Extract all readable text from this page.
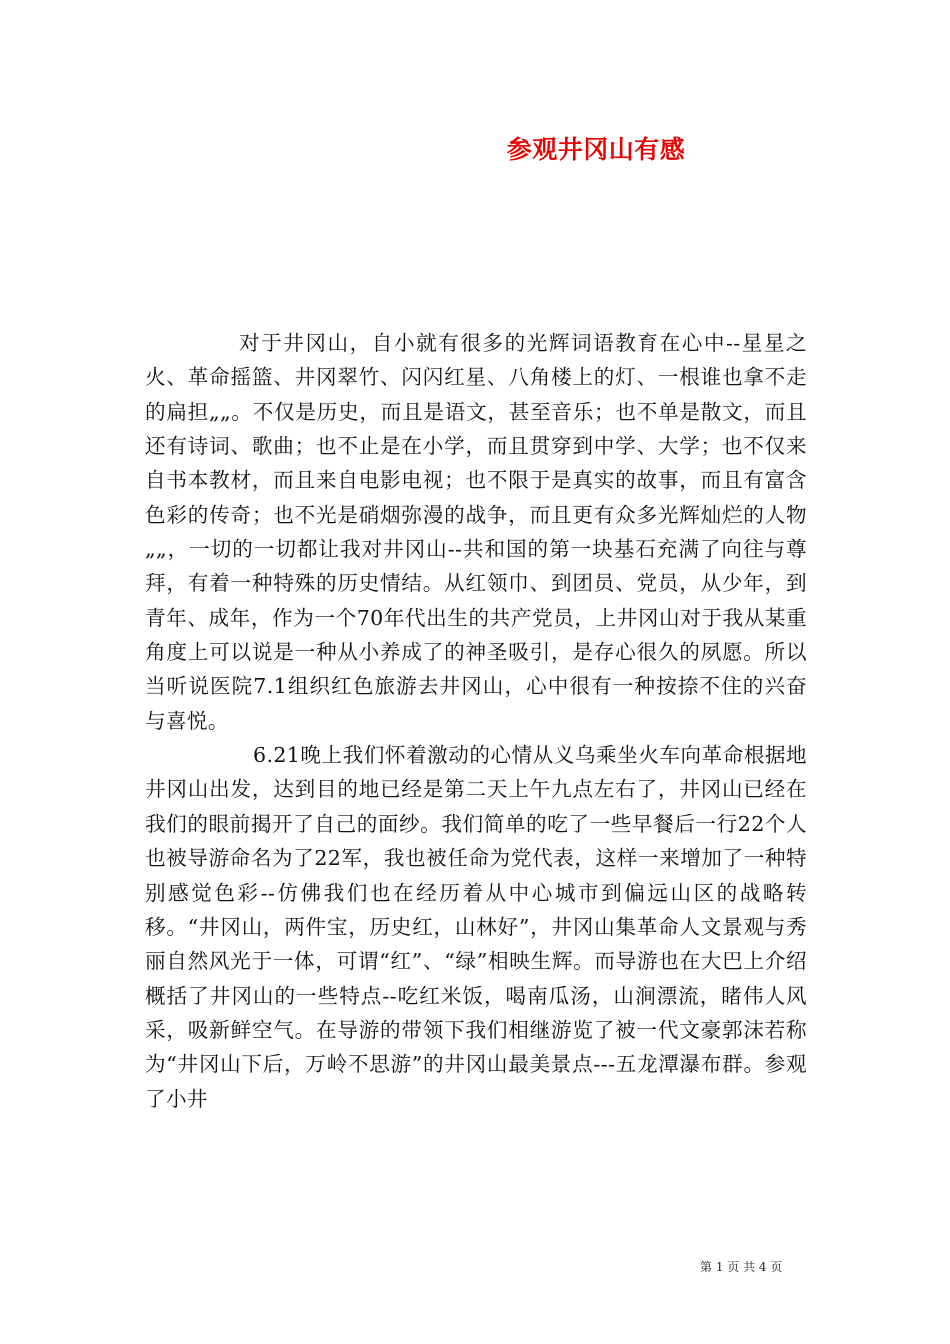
参观井冈山有感

对于井冈山，自小就有很多的光辉词语教育在心中--星星之火、革命摇篮、井冈翠竹、闪闪红星、八角楼上的灯、一根谁也拿不走的扁担„„。不仅是历史，而且是语文，甚至音乐；也不单是散文，而且还有诗词、歌曲；也不止是在小学，而且贯穿到中学、大学；也不仅来自书本教材，而且来自电影电视；也不限于是真实的故事，而且有富含色彩的传奇；也不光是硝烟弥漫的战争，而且更有众多光辉灿烂的人物„„，一切的一切都让我对井冈山--共和国的第一块基石充满了向往与尊拜，有着一种特殊的历史情结。从红领巾、到团员、党员，从少年，到青年、成年，作为一个70年代出生的共产党员，上井冈山对于我从某重角度上可以说是一种从小养成了的神圣吸引，是存心很久的夙愿。所以当听说医院7.1组织红色旅游去井冈山，心中很有一种按捺不住的兴奋与喜悦。

6.21晚上我们怀着激动的心情从义乌乘坐火车向革命根据地井冈山出发，达到目的地已经是第二天上午九点左右了，井冈山已经在我们的眼前揭开了自己的面纱。我们简单的吃了一些早餐后一行22个人也被导游命名为了22军，我也被任命为党代表，这样一来增加了一种特别感觉色彩--仿佛我们也在经历着从中心城市到偏远山区的战略转移。“井冈山，两件宝，历史红，山林好”，井冈山集革命人文景观与秀丽自然风光于一体，可谓“红”、“绿”相映生辉。而导游也在大巴上介绍概括了井冈山的一些特点--吃红米饭，喝南瓜汤，山涧漂流，睹伟人风采，吸新鲜空气。在导游的带领下我们相继游览了被一代文豪郭沫若称为“井冈山下后，万岭不思游”的井冈山最美景点---五龙潭瀑布群。参观了小井

第 1 页 共 4 页
